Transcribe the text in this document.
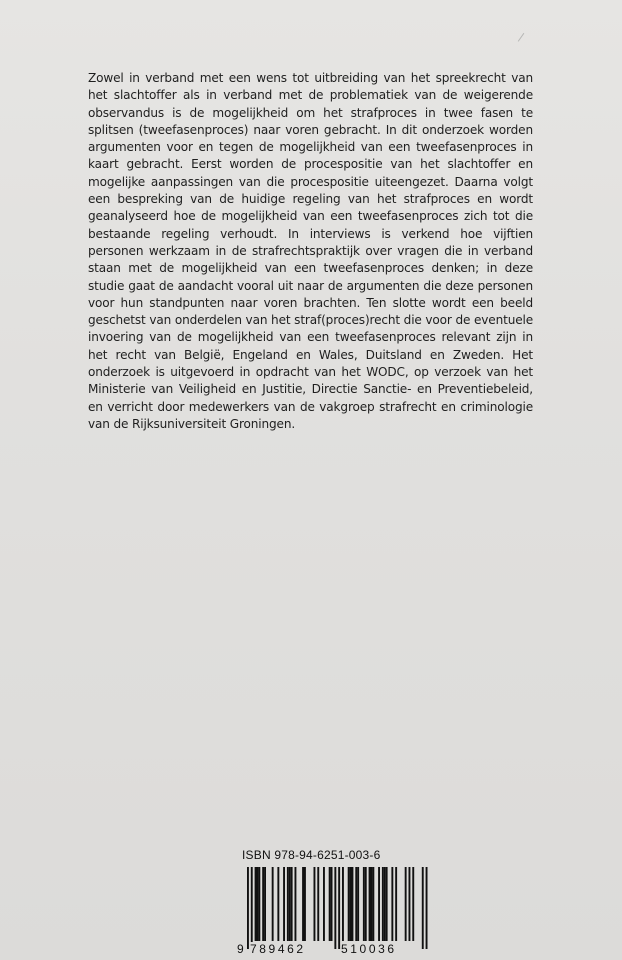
Zowel in verband met een wens tot uitbreiding van het spreekrecht van het slachtoffer als in verband met de problematiek van de weigerende observandus is de mogelijkheid om het strafproces in twee fasen te splitsen (tweefasenproces) naar voren gebracht. In dit onderzoek worden argumenten voor en tegen de mogelijkheid van een tweefasenproces in kaart gebracht. Eerst worden de procespositie van het slachtoffer en mogelijke aanpassingen van die procespositie uiteengezet. Daarna volgt een bespreking van de huidige regeling van het strafproces en wordt geanalyseerd hoe de mogelijkheid van een tweefasenproces zich tot die bestaande regeling verhoudt. In interviews is verkend hoe vijftien personen werkzaam in de strafrechtspraktijk over vragen die in verband staan met de mogelijkheid van een tweefasenproces denken; in deze studie gaat de aandacht vooral uit naar de argumenten die deze personen voor hun standpunten naar voren brachten. Ten slotte wordt een beeld geschetst van onderdelen van het straf(proces)recht die voor de eventuele invoering van de mogelijkheid van een tweefasenproces relevant zijn in het recht van België, Engeland en Wales, Duitsland en Zweden. Het onderzoek is uitgevoerd in opdracht van het WODC, op verzoek van het Ministerie van Veiligheid en Justitie, Directie Sanctie- en Preventiebeleid, en verricht door medewerkers van de vakgroep strafrecht en criminologie van de Rijksuniversiteit Groningen.

ISBN 978-94-6251-003-6
9 789462	510036
